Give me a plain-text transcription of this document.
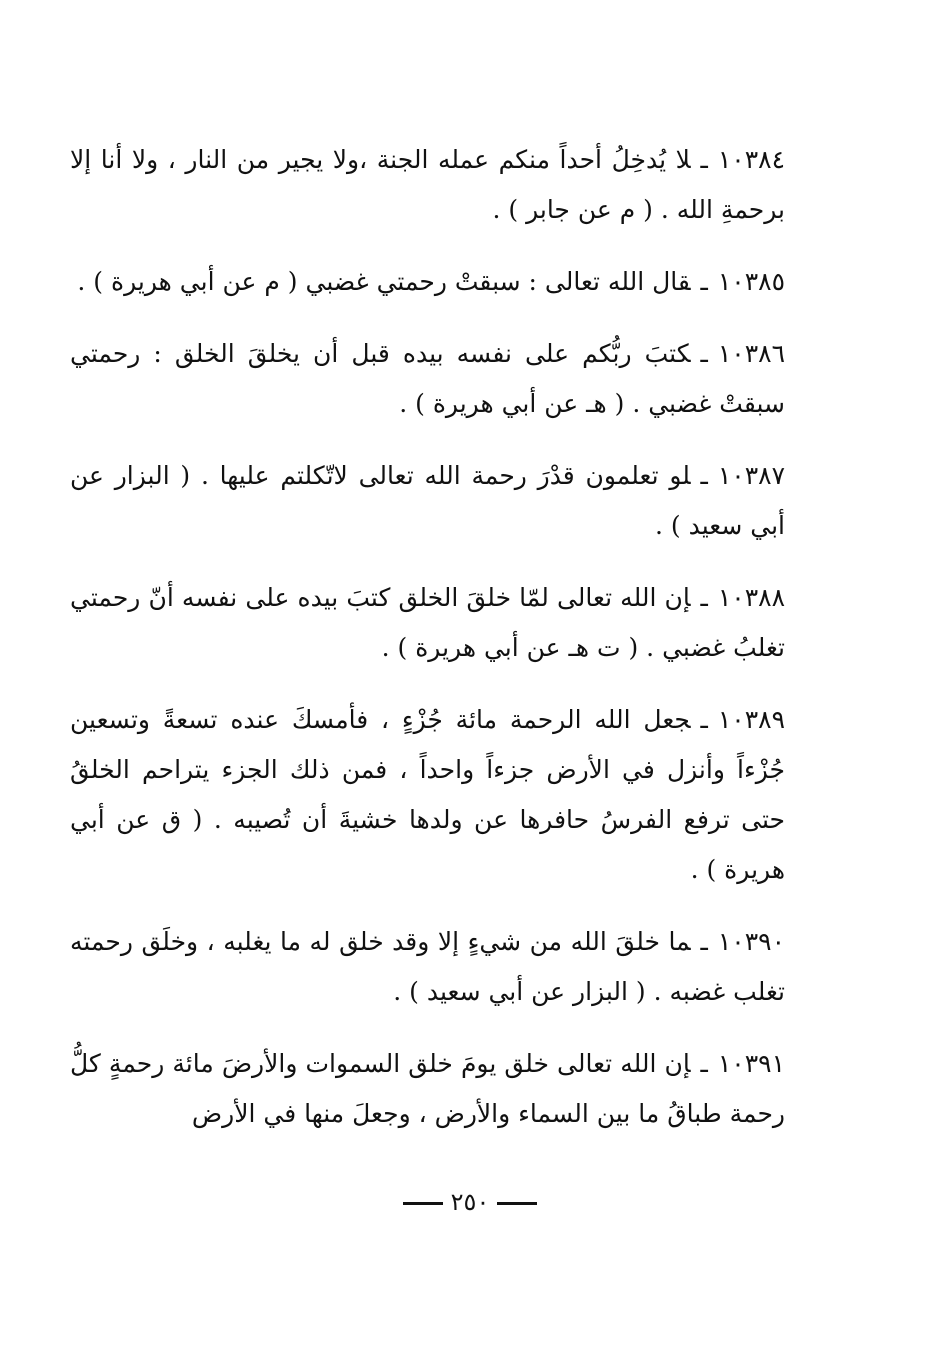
١٠٣٨٤ـلا يُدخِلُ أحداً منكم عمله الجنة ،ولا يجير من النار ، ولا أنا إلا برحمةِ الله . ( م عن جابر ) .

١٠٣٨٥ـقال الله تعالى : سبقتْ رحمتي غضبي ( م عن أبي هريرة ) .

١٠٣٨٦ـكتبَ ربُّكم على نفسه بيده قبل أن يخلقَ الخلق : رحمتي سبقتْ غضبي . ( هـ عن أبي هريرة ) .

١٠٣٨٧ـلو تعلمون قدْرَ رحمة الله تعالى لاتّكلتم عليها . ( البزار عن أبي سعيد ) .

١٠٣٨٨ـإن الله تعالى لمّا خلقَ الخلق كتبَ بيده على نفسه أنّ رحمتي تغلبُ غضبي . ( ت هـ عن أبي هريرة ) .

١٠٣٨٩ـجعل الله الرحمة مائة جُزْءٍ ، فأمسكَ عنده تسعةً وتسعين جُزْءاً وأنزل في الأرض جزءاً واحداً ، فمن ذلك الجزء يتراحم الخلقُ حتى ترفع الفرسُ حافرها عن ولدها خشيةَ أن تُصيبه . ( ق عن أبي هريرة ) .

١٠٣٩٠ـما خلقَ الله من شيءٍ إلا وقد خلق له ما يغلبه ، وخلَق رحمته تغلب غضبه . ( البزار عن أبي سعيد ) .

١٠٣٩١ـإن الله تعالى خلق يومَ خلق السموات والأرضَ مائة رحمةٍ كلُّ رحمة طباقُ ما بين السماء والأرض ، وجعلَ منها في الأرض

٢٥٠
